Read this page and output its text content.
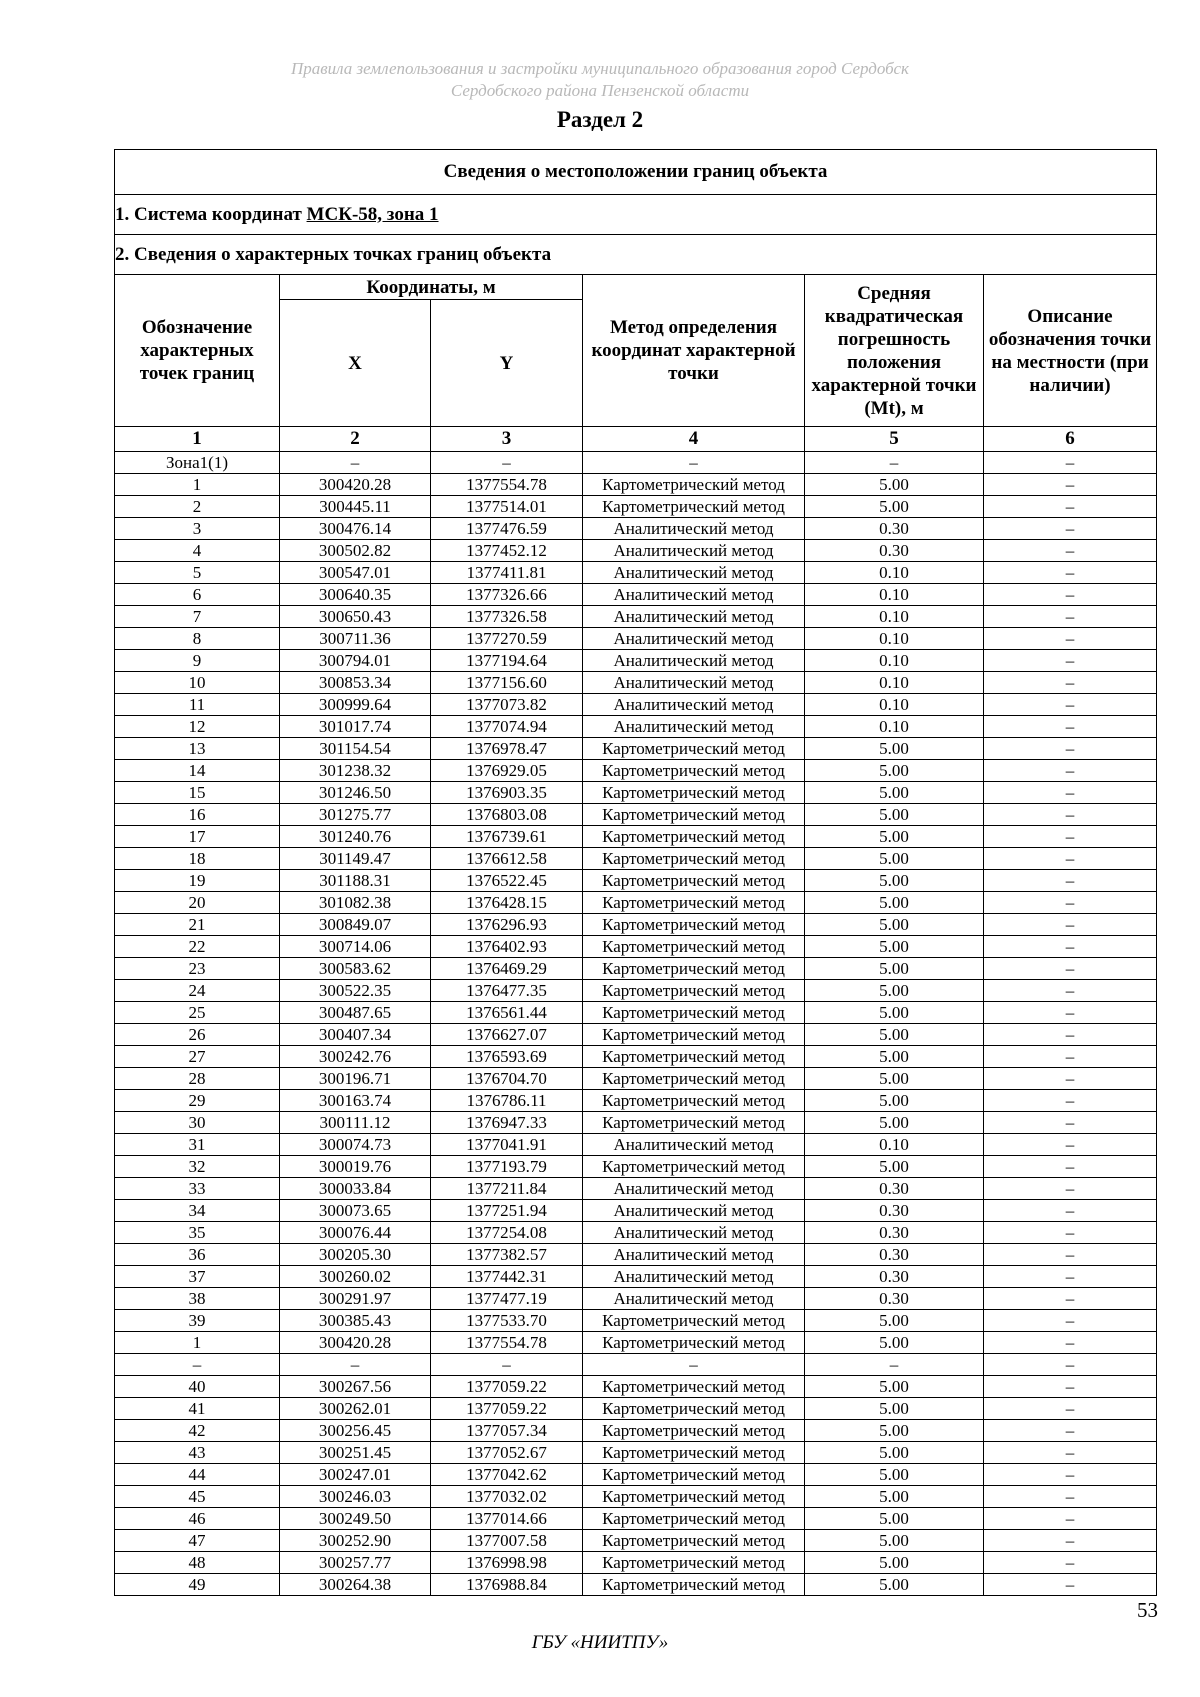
Правила землепользования и застройки муниципального образования город Сердобск
Сердобского района Пензенской области
Раздел 2
Сведения о местоположении границ объекта					
1. Система координат МСК-58, зона 1					
2. Сведения о характерных точках границ объекта					
Обозначение характерных точек границ	Координаты, м		Метод определения координат характерной точки	Средняя квадратическая погрешность положения характерной точки (Mt), м	Описание обозначения точки на местности (при наличии)
	X	Y			
1	2	3	4	5	6
Зона1(1)	–	–	–	–	–
1	300420.28	1377554.78	Картометрический метод	5.00	–
2	300445.11	1377514.01	Картометрический метод	5.00	–
3	300476.14	1377476.59	Аналитический метод	0.30	–
4	300502.82	1377452.12	Аналитический метод	0.30	–
5	300547.01	1377411.81	Аналитический метод	0.10	–
6	300640.35	1377326.66	Аналитический метод	0.10	–
7	300650.43	1377326.58	Аналитический метод	0.10	–
8	300711.36	1377270.59	Аналитический метод	0.10	–
9	300794.01	1377194.64	Аналитический метод	0.10	–
10	300853.34	1377156.60	Аналитический метод	0.10	–
11	300999.64	1377073.82	Аналитический метод	0.10	–
12	301017.74	1377074.94	Аналитический метод	0.10	–
13	301154.54	1376978.47	Картометрический метод	5.00	–
14	301238.32	1376929.05	Картометрический метод	5.00	–
15	301246.50	1376903.35	Картометрический метод	5.00	–
16	301275.77	1376803.08	Картометрический метод	5.00	–
17	301240.76	1376739.61	Картометрический метод	5.00	–
18	301149.47	1376612.58	Картометрический метод	5.00	–
19	301188.31	1376522.45	Картометрический метод	5.00	–
20	301082.38	1376428.15	Картометрический метод	5.00	–
21	300849.07	1376296.93	Картометрический метод	5.00	–
22	300714.06	1376402.93	Картометрический метод	5.00	–
23	300583.62	1376469.29	Картометрический метод	5.00	–
24	300522.35	1376477.35	Картометрический метод	5.00	–
25	300487.65	1376561.44	Картометрический метод	5.00	–
26	300407.34	1376627.07	Картометрический метод	5.00	–
27	300242.76	1376593.69	Картометрический метод	5.00	–
28	300196.71	1376704.70	Картометрический метод	5.00	–
29	300163.74	1376786.11	Картометрический метод	5.00	–
30	300111.12	1376947.33	Картометрический метод	5.00	–
31	300074.73	1377041.91	Аналитический метод	0.10	–
32	300019.76	1377193.79	Картометрический метод	5.00	–
33	300033.84	1377211.84	Аналитический метод	0.30	–
34	300073.65	1377251.94	Аналитический метод	0.30	–
35	300076.44	1377254.08	Аналитический метод	0.30	–
36	300205.30	1377382.57	Аналитический метод	0.30	–
37	300260.02	1377442.31	Аналитический метод	0.30	–
38	300291.97	1377477.19	Аналитический метод	0.30	–
39	300385.43	1377533.70	Картометрический метод	5.00	–
1	300420.28	1377554.78	Картометрический метод	5.00	–
–	–	–	–	–	–
40	300267.56	1377059.22	Картометрический метод	5.00	–
41	300262.01	1377059.22	Картометрический метод	5.00	–
42	300256.45	1377057.34	Картометрический метод	5.00	–
43	300251.45	1377052.67	Картометрический метод	5.00	–
44	300247.01	1377042.62	Картометрический метод	5.00	–
45	300246.03	1377032.02	Картометрический метод	5.00	–
46	300249.50	1377014.66	Картометрический метод	5.00	–
47	300252.90	1377007.58	Картометрический метод	5.00	–
48	300257.77	1376998.98	Картометрический метод	5.00	–
49	300264.38	1376988.84	Картометрический метод	5.00	–
53
ГБУ «НИИТПУ»
